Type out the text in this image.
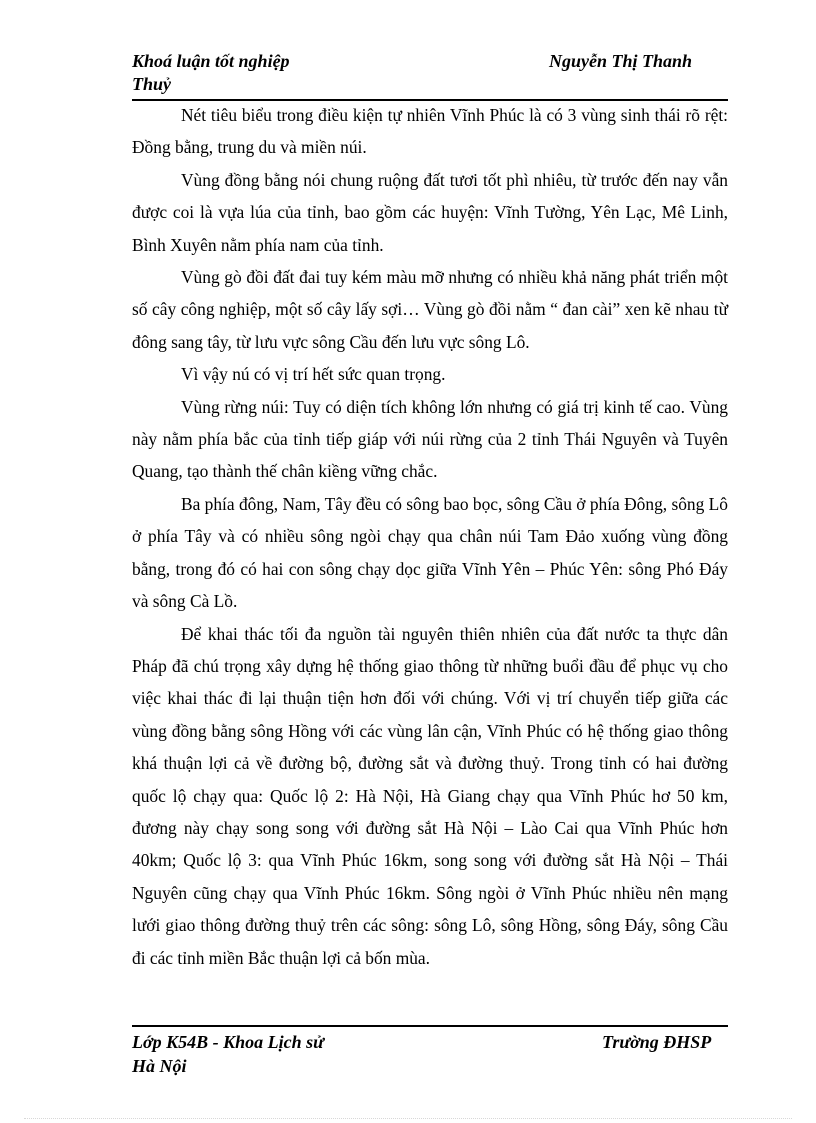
Khoá luận tốt nghiệp
Thuỷ
Nguyễn Thị Thanh

Nét tiêu biểu trong điều kiện tự nhiên Vĩnh Phúc là có 3 vùng sinh thái rõ rệt: Đồng bằng, trung du và miền núi.

Vùng đồng bằng nói chung ruộng đất tươi tốt phì nhiêu, từ trước đến nay vẫn được coi là vựa lúa của tỉnh, bao gồm các huyện: Vĩnh Tường, Yên Lạc, Mê Linh, Bình Xuyên nằm phía nam của tỉnh.

Vùng gò đồi đất đai tuy kém màu mỡ nhưng có nhiều khả năng phát triển một số cây công nghiệp, một số cây lấy sợi… Vùng gò đồi nằm “ đan cài” xen kẽ nhau từ đông sang tây, từ lưu vực sông Cầu đến lưu vực sông Lô.

Vì vậy nú có vị trí hết sức quan trọng.

Vùng rừng núi: Tuy có diện tích không lớn nhưng có giá trị kinh tế cao. Vùng này nằm phía bắc của tỉnh tiếp giáp với núi rừng của 2 tỉnh Thái Nguyên và Tuyên Quang, tạo thành thế chân kiềng vững chắc.

Ba phía đông, Nam, Tây đều có sông bao bọc, sông Cầu ở phía Đông, sông Lô ở phía Tây và có nhiều sông ngòi chạy qua chân núi Tam Đảo xuống vùng đồng bằng, trong đó có hai con sông chạy dọc giữa Vĩnh Yên – Phúc Yên: sông Phó Đáy và sông Cà Lồ.

Để khai thác tối đa nguồn tài nguyên thiên nhiên của đất nước ta thực dân Pháp đã chú trọng xây dựng hệ thống giao thông từ những buổi đầu để phục vụ cho việc khai thác đi lại thuận tiện hơn đối với chúng. Với vị trí chuyển tiếp giữa các vùng đồng bằng sông Hồng với các vùng lân cận, Vĩnh Phúc có hệ thống giao thông khá thuận lợi cả về đường bộ, đường sắt và đường thuỷ. Trong tỉnh có hai đường quốc lộ chạy qua: Quốc lộ 2: Hà Nội, Hà Giang chạy qua Vĩnh Phúc hơ 50 km, đương này chạy song song với đường sắt Hà Nội – Lào Cai qua Vĩnh Phúc hơn 40km; Quốc lộ 3: qua Vĩnh Phúc 16km, song song với đường sắt Hà Nội – Thái Nguyên cũng chạy qua Vĩnh Phúc 16km. Sông ngòi ở Vĩnh Phúc nhiều nên mạng lưới giao thông đường thuỷ trên các sông: sông Lô, sông Hồng, sông Đáy, sông Cầu đi các tỉnh miền Bắc thuận lợi cả bốn mùa.

Lớp K54B - Khoa Lịch sử
Hà Nội
Trường ĐHSP
